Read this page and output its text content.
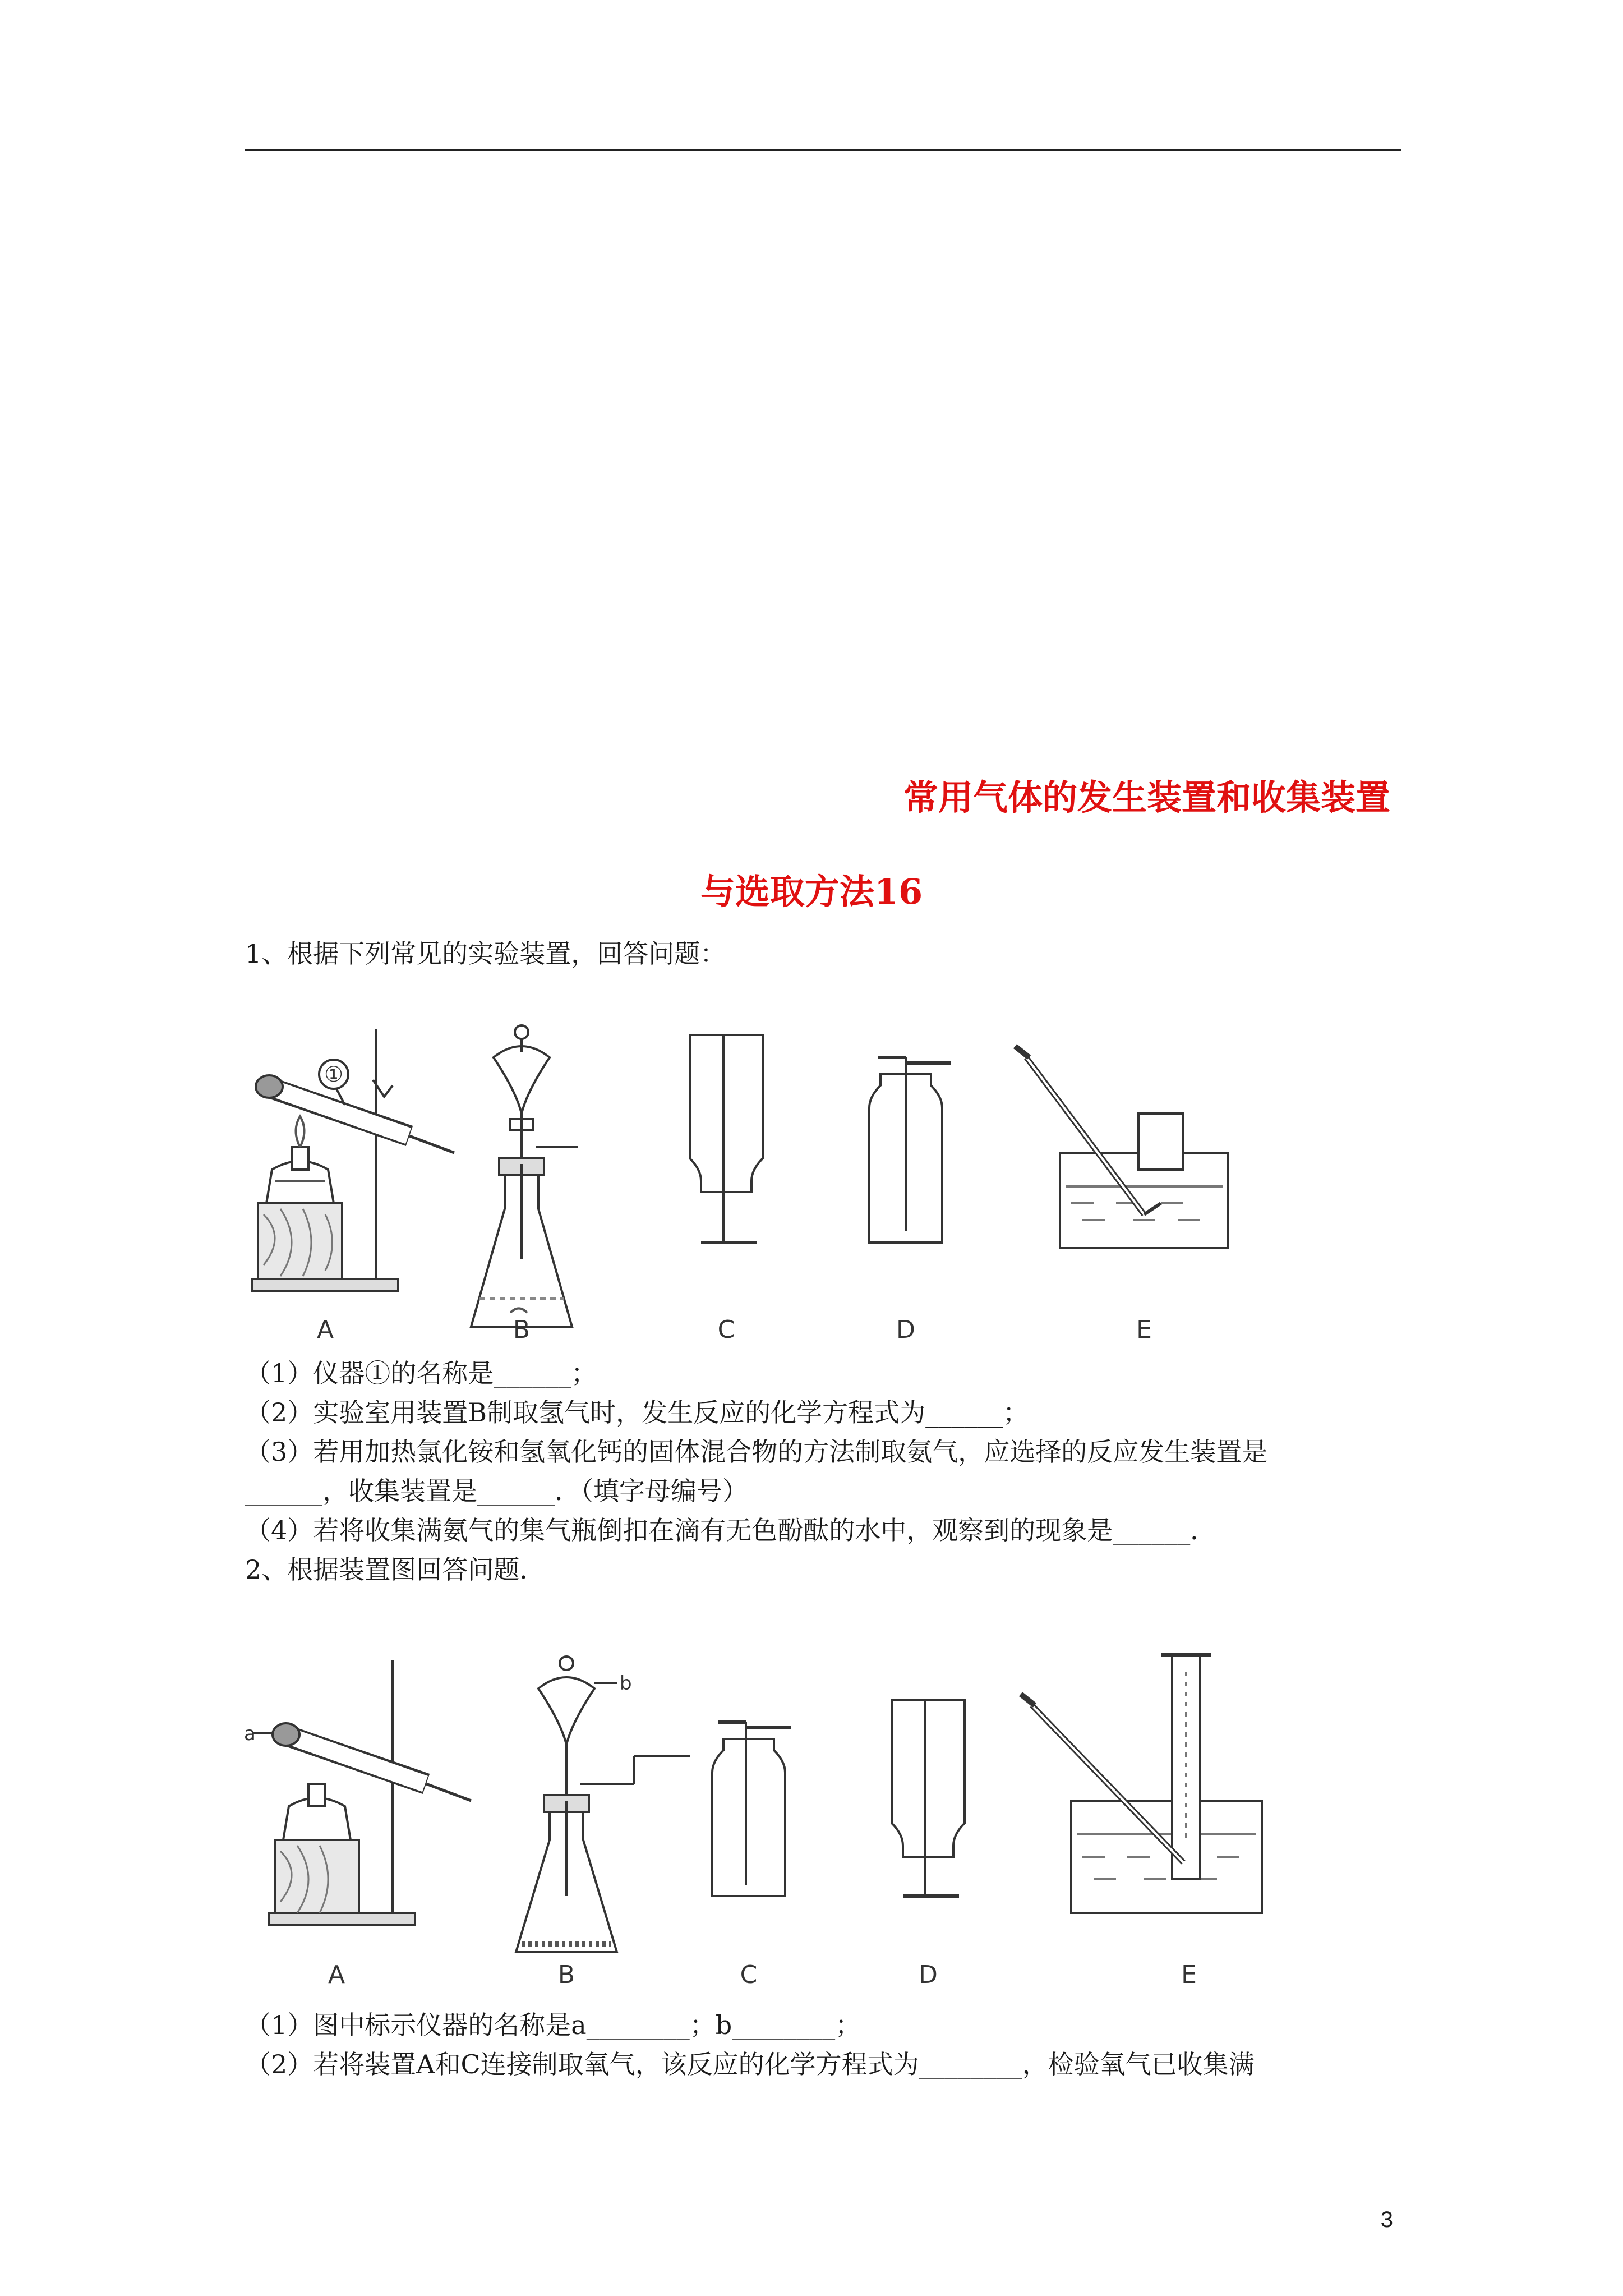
常用气体的发生装置和收集装置
与选取方法16
1、根据下列常见的实验装置，回答问题：
①
A	B	C	D	E
（1）仪器①的名称是______；
（2）实验室用装置B制取氢气时，发生反应的化学方程式为______；
（3）若用加热氯化铵和氢氧化钙的固体混合物的方法制取氨气，应选择的反应发生装置是
______，收集装置是______．（填字母编号）
（4）若将收集满氨气的集气瓶倒扣在滴有无色酚酞的水中，观察到的现象是______．
2、根据装置图回答问题．
a
b
A	B	C	D	E
（1）图中标示仪器的名称是a________；b________；
（2）若将装置A和C连接制取氧气，该反应的化学方程式为________，检验氧气已收集满
3
